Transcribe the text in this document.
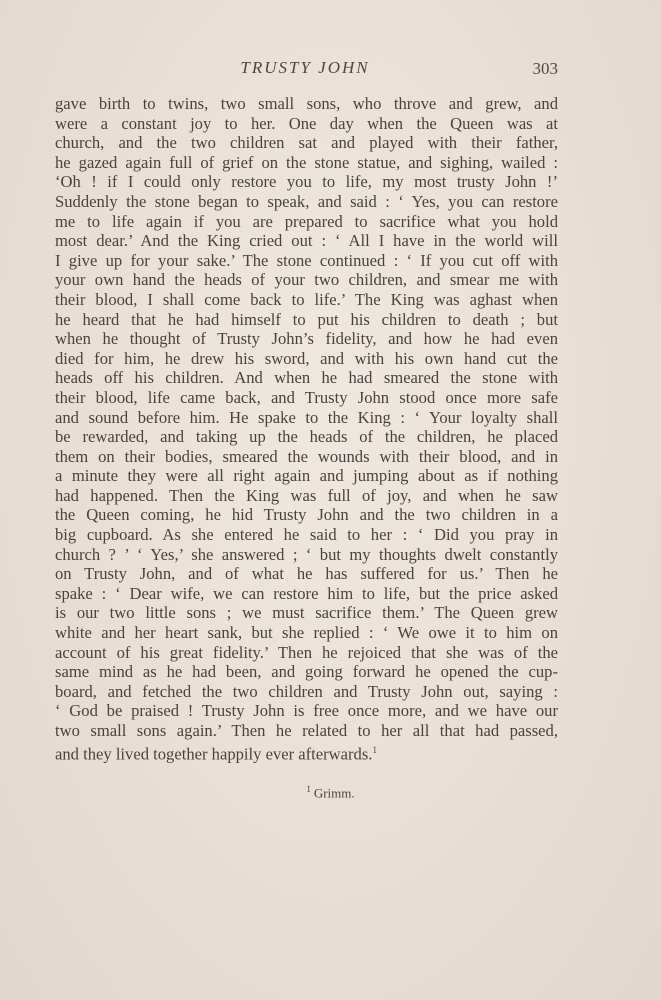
TRUSTY JOHN	303
gave birth to twins, two small sons, who throve and grew, and
were a constant joy to her. One day when the Queen was at
church, and the two children sat and played with their father,
he gazed again full of grief on the stone statue, and sighing, wailed :
‘Oh ! if I could only restore you to life, my most trusty John !’
Suddenly the stone began to speak, and said : ‘ Yes, you can restore
me to life again if you are prepared to sacrifice what you hold
most dear.’ And the King cried out : ‘ All I have in the world will
I give up for your sake.’ The stone continued : ‘ If you cut off with
your own hand the heads of your two children, and smear me with
their blood, I shall come back to life.’ The King was aghast when
he heard that he had himself to put his children to death ; but
when he thought of Trusty John’s fidelity, and how he had even
died for him, he drew his sword, and with his own hand cut the
heads off his children. And when he had smeared the stone with
their blood, life came back, and Trusty John stood once more safe
and sound before him. He spake to the King : ‘ Your loyalty shall
be rewarded, and taking up the heads of the children, he placed
them on their bodies, smeared the wounds with their blood, and in
a minute they were all right again and jumping about as if nothing
had happened. Then the King was full of joy, and when he saw
the Queen coming, he hid Trusty John and the two children in a
big cupboard. As she entered he said to her : ‘ Did you pray in
church ? ’ ‘ Yes,’ she answered ; ‘ but my thoughts dwelt constantly
on Trusty John, and of what he has suffered for us.’ Then he
spake : ‘ Dear wife, we can restore him to life, but the price asked
is our two little sons ; we must sacrifice them.’ The Queen grew
white and her heart sank, but she replied : ‘ We owe it to him on
account of his great fidelity.’ Then he rejoiced that she was of the
same mind as he had been, and going forward he opened the cup-
board, and fetched the two children and Trusty John out, saying :
‘ God be praised ! Trusty John is free once more, and we have our
two small sons again.’ Then he related to her all that had passed,
and they lived together happily ever afterwards.$^1$
$^1$ Grimm.
